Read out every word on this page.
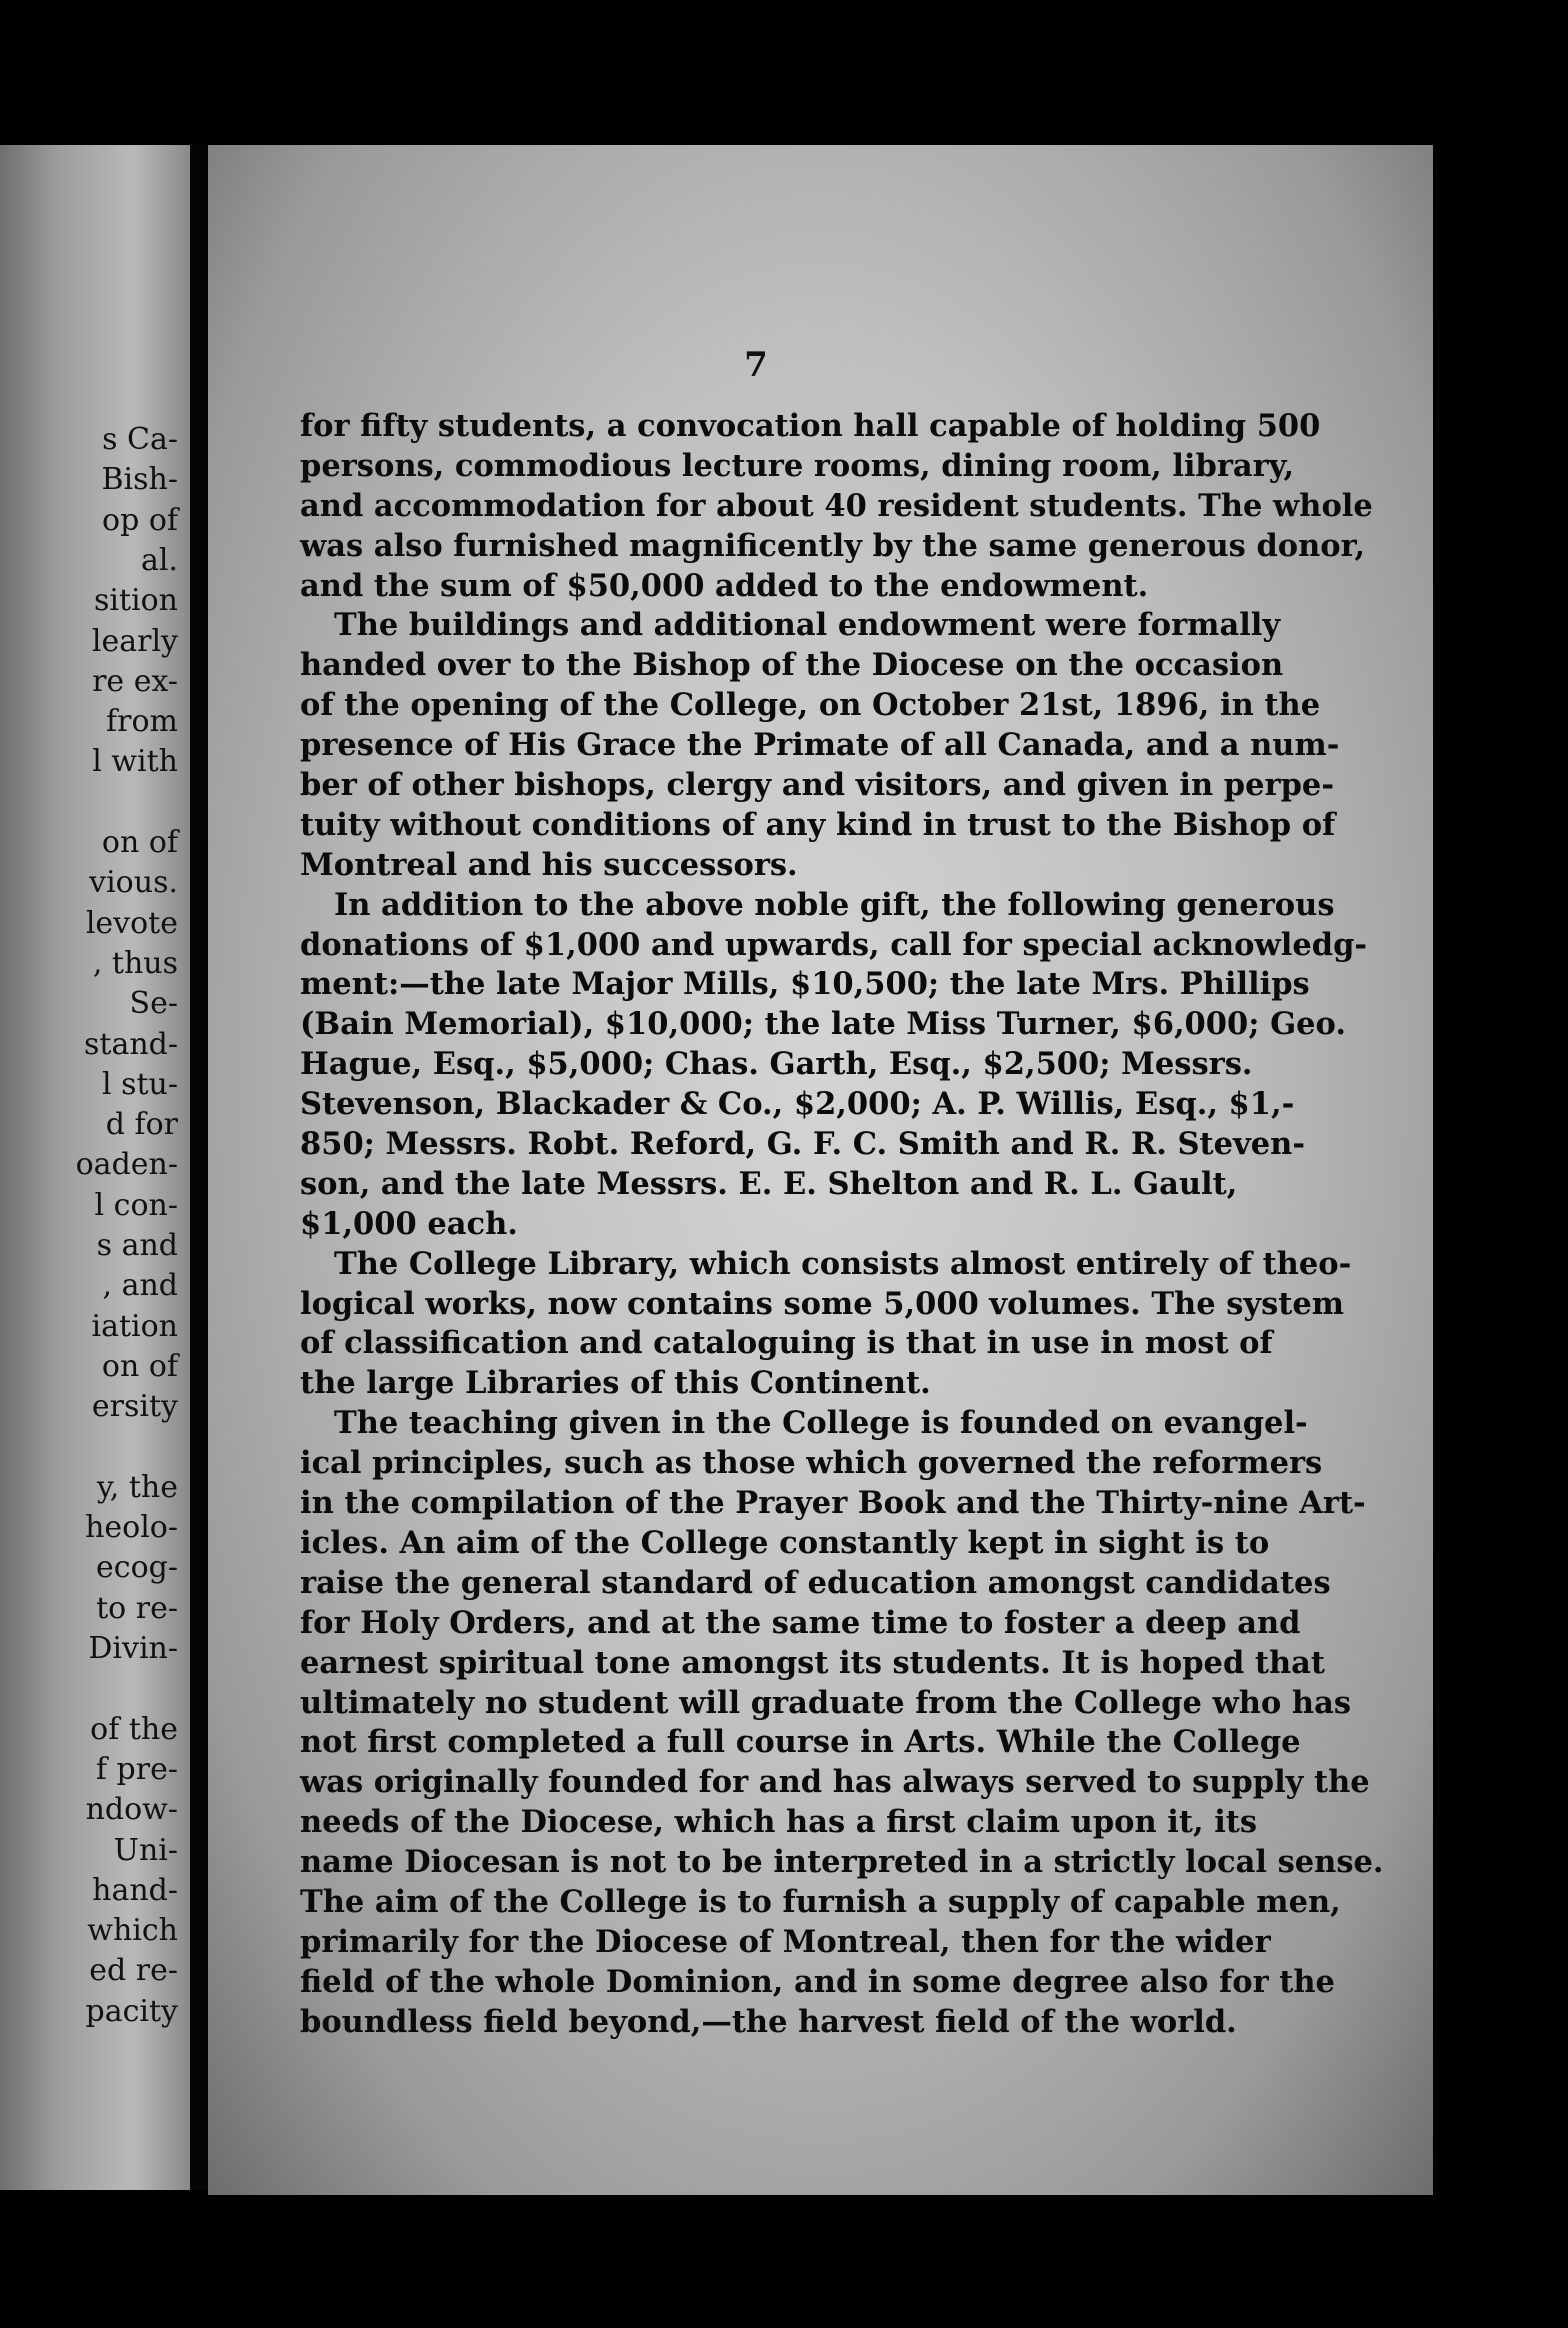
s Ca-
Bish-
op of
al.
sition
learly
re ex-
from
l with
on of
vious.
levote
, thus
Se-
stand-
l stu-
d for
oaden-
l con-
s and
, and
iation
on of
ersity
y, the
heolo-
ecog-
to re-
Divin-
of the
f pre-
ndow-
Uni-
hand-
which
ed re-
pacity
7
for fifty students, a convocation hall capable of holding 500
persons, commodious lecture rooms, dining room, library,
and accommodation for about 40 resident students. The whole
was also furnished magnificently by the same generous donor,
and the sum of $50,000 added to the endowment.
The buildings and additional endowment were formally
handed over to the Bishop of the Diocese on the occasion
of the opening of the College, on October 21st, 1896, in the
presence of His Grace the Primate of all Canada, and a num-
ber of other bishops, clergy and visitors, and given in perpe-
tuity without conditions of any kind in trust to the Bishop of
Montreal and his successors.
In addition to the above noble gift, the following generous
donations of $1,000 and upwards, call for special acknowledg-
ment:—the late Major Mills, $10,500; the late Mrs. Phillips
(Bain Memorial), $10,000; the late Miss Turner, $6,000; Geo.
Hague, Esq., $5,000; Chas. Garth, Esq., $2,500; Messrs.
Stevenson, Blackader & Co., $2,000; A. P. Willis, Esq., $1,-
850; Messrs. Robt. Reford, G. F. C. Smith and R. R. Steven-
son, and the late Messrs. E. E. Shelton and R. L. Gault,
$1,000 each.
The College Library, which consists almost entirely of theo-
logical works, now contains some 5,000 volumes. The system
of classification and cataloguing is that in use in most of
the large Libraries of this Continent.
The teaching given in the College is founded on evangel-
ical principles, such as those which governed the reformers
in the compilation of the Prayer Book and the Thirty-nine Art-
icles. An aim of the College constantly kept in sight is to
raise the general standard of education amongst candidates
for Holy Orders, and at the same time to foster a deep and
earnest spiritual tone amongst its students. It is hoped that
ultimately no student will graduate from the College who has
not first completed a full course in Arts. While the College
was originally founded for and has always served to supply the
needs of the Diocese, which has a first claim upon it, its
name Diocesan is not to be interpreted in a strictly local sense.
The aim of the College is to furnish a supply of capable men,
primarily for the Diocese of Montreal, then for the wider
field of the whole Dominion, and in some degree also for the
boundless field beyond,—the harvest field of the world.
